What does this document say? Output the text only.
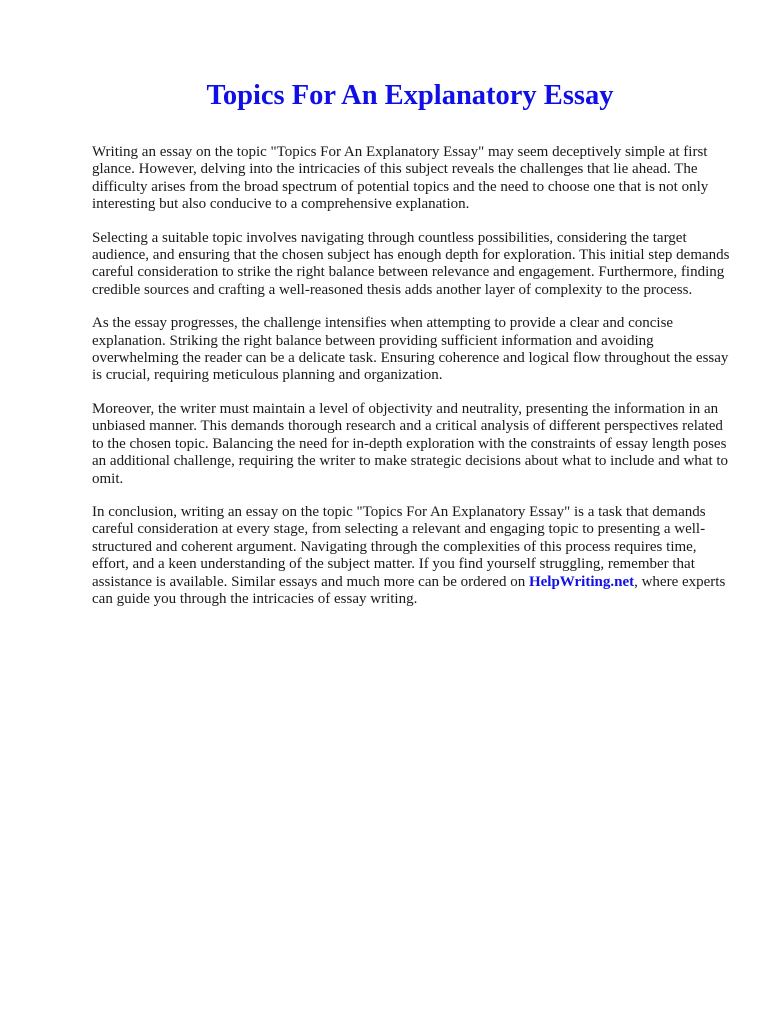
Topics For An Explanatory Essay

Writing an essay on the topic "Topics For An Explanatory Essay" may seem deceptively simple at first glance. However, delving into the intricacies of this subject reveals the challenges that lie ahead. The difficulty arises from the broad spectrum of potential topics and the need to choose one that is not only interesting but also conducive to a comprehensive explanation.

Selecting a suitable topic involves navigating through countless possibilities, considering the target audience, and ensuring that the chosen subject has enough depth for exploration. This initial step demands careful consideration to strike the right balance between relevance and engagement. Furthermore, finding credible sources and crafting a well-reasoned thesis adds another layer of complexity to the process.

As the essay progresses, the challenge intensifies when attempting to provide a clear and concise explanation. Striking the right balance between providing sufficient information and avoiding overwhelming the reader can be a delicate task. Ensuring coherence and logical flow throughout the essay is crucial, requiring meticulous planning and organization.

Moreover, the writer must maintain a level of objectivity and neutrality, presenting the information in an unbiased manner. This demands thorough research and a critical analysis of different perspectives related to the chosen topic. Balancing the need for in-depth exploration with the constraints of essay length poses an additional challenge, requiring the writer to make strategic decisions about what to include and what to omit.

In conclusion, writing an essay on the topic "Topics For An Explanatory Essay" is a task that demands careful consideration at every stage, from selecting a relevant and engaging topic to presenting a well-structured and coherent argument. Navigating through the complexities of this process requires time, effort, and a keen understanding of the subject matter. If you find yourself struggling, remember that assistance is available. Similar essays and much more can be ordered on HelpWriting.net, where experts can guide you through the intricacies of essay writing.
